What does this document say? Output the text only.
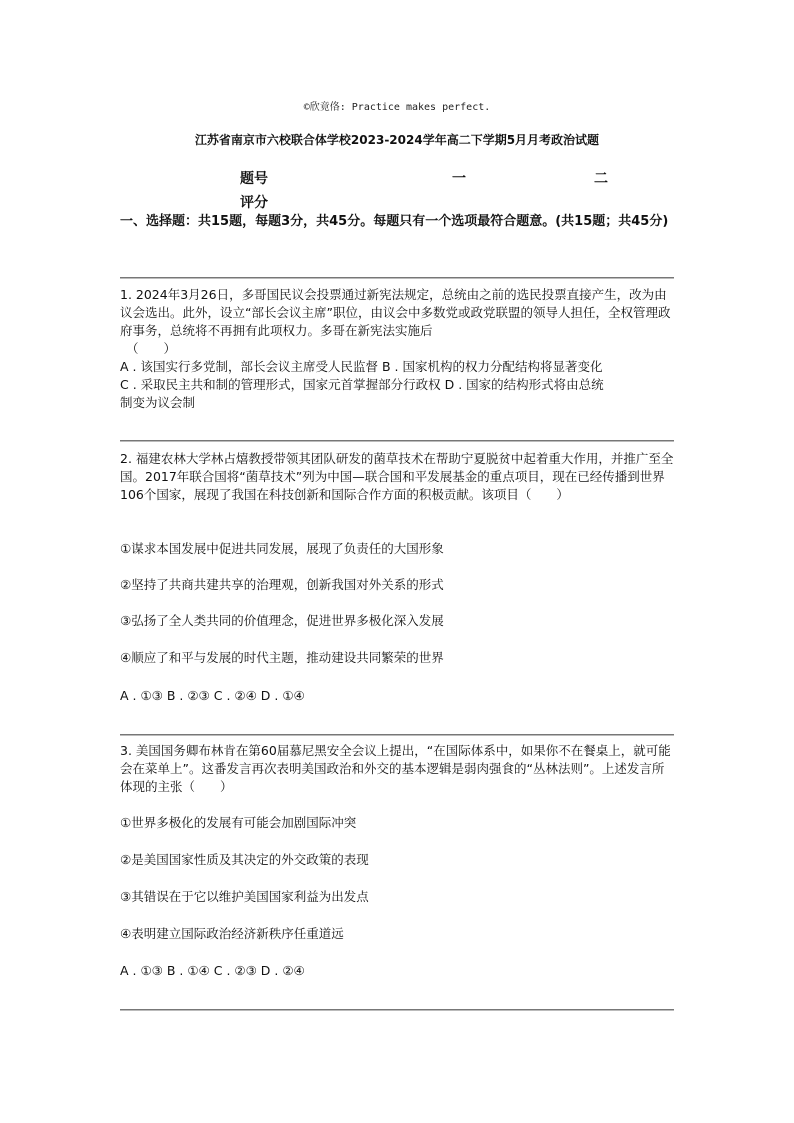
©欣竟佫: Practice makes perfect.
江苏省南京市六校联合体学校2023-2024学年高二下学期5月月考政治试题
题号
评分
一	二
一、选择题：共15题，每题3分，共45分。每题只有一个选项最符合题意。(共15题；共45分)

1. 2024年3月26日，多哥国民议会投票通过新宪法规定，总统由之前的选民投票直接产生，改为由议会选出。此外，设立“部长会议主席”职位，由议会中多数党或政党联盟的领导人担任，全权管理政府事务，总统将不再拥有此项权力。多哥在新宪法实施后

（　　）

A . 该国实行多党制，部长会议主席受人民监督 B . 国家机构的权力分配结构将显著变化
C . 采取民主共和制的管理形式，国家元首掌握部分行政权 D . 国家的结构形式将由总统
制变为议会制
2. 福建农林大学林占熺教授带领其团队研发的菌草技术在帮助宁夏脱贫中起着重大作用，并推广至全国。2017年联合国将“菌草技术”列为中国—联合国和平发展基金的重点项目，现在已经传播到世界106个国家，展现了我国在科技创新和国际合作方面的积极贡献。该项目（　　）
①谋求本国发展中促进共同发展，展现了负责任的大国形象
②坚持了共商共建共享的治理观，创新我国对外关系的形式
③弘扬了全人类共同的价值理念，促进世界多极化深入发展
④顺应了和平与发展的时代主题，推动建设共同繁荣的世界
A . ①③ B . ②③ C . ②④ D . ①④
3. 美国国务卿布林肯在第60届慕尼黑安全会议上提出，“在国际体系中，如果你不在餐桌上，就可能会在菜单上”。这番发言再次表明美国政治和外交的基本逻辑是弱肉强食的“丛林法则”。上述发言所体现的主张（　　）
①世界多极化的发展有可能会加剧国际冲突
②是美国国家性质及其决定的外交政策的表现
③其错误在于它以维护美国国家利益为出发点
④表明建立国际政治经济新秩序任重道远
A . ①③ B . ①④ C . ②③ D . ②④
